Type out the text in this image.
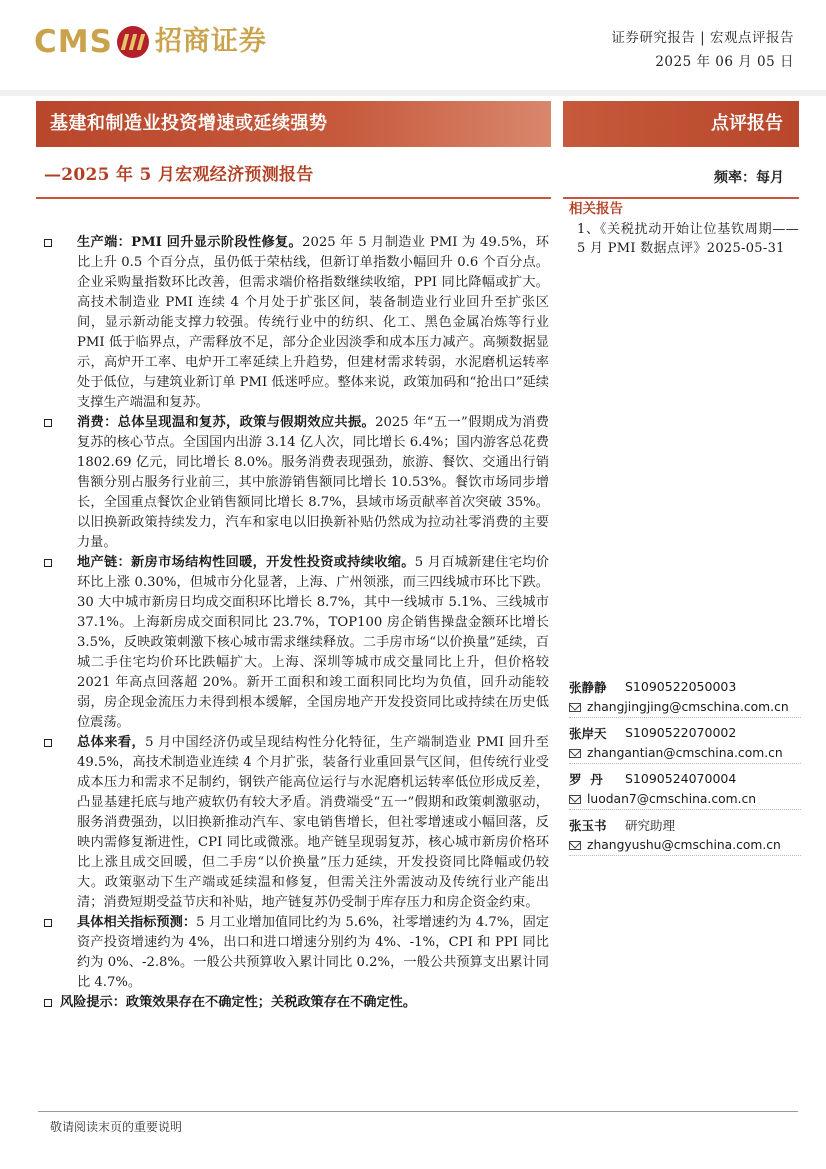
CMS 招商证券	证券研究报告 | 宏观点评报告
2025 年 06 月 05 日
基建和制造业投资增速或延续强势	点评报告
—2025 年 5 月宏观经济预测报告	频率：每月
生产端：PMI 回升显示阶段性修复。2025 年 5 月制造业 PMI 为 49.5%，环比上升 0.5 个百分点，虽仍低于荣枯线，但新订单指数小幅回升 0.6 个百分点。企业采购量指数环比改善，但需求端价格指数继续收缩，PPI 同比降幅或扩大。高技术制造业 PMI 连续 4 个月处于扩张区间，装备制造业行业回升至扩张区间，显示新动能支撑力较强。传统行业中的纺织、化工、黑色金属冶炼等行业 PMI 低于临界点，产需释放不足，部分企业因淡季和成本压力减产。高频数据显示，高炉开工率、电炉开工率延续上升趋势，但建材需求转弱，水泥磨机运转率处于低位，与建筑业新订单 PMI 低迷呼应。整体来说，政策加码和“抢出口”延续支撑生产端温和复苏。
消费：总体呈现温和复苏，政策与假期效应共振。2025 年“五一”假期成为消费复苏的核心节点。全国国内出游 3.14 亿人次，同比增长 6.4%；国内游客总花费 1802.69 亿元，同比增长 8.0%。服务消费表现强劲，旅游、餐饮、交通出行销售额分别占服务行业前三，其中旅游销售额同比增长 10.53%。餐饮市场同步增长，全国重点餐饮企业销售额同比增长 8.7%，县域市场贡献率首次突破 35%。以旧换新政策持续发力，汽车和家电以旧换新补贴仍然成为拉动社零消费的主要力量。
地产链：新房市场结构性回暖，开发性投资或持续收缩。5 月百城新建住宅均价环比上涨 0.30%，但城市分化显著，上海、广州领涨，而三四线城市环比下跌。30 大中城市新房日均成交面积环比增长 8.7%，其中一线城市 5.1%、三线城市 37.1%。上海新房成交面积同比 23.7%，TOP100 房企销售操盘金额环比增长 3.5%，反映政策刺激下核心城市需求继续释放。二手房市场“以价换量”延续，百城二手住宅均价环比跌幅扩大。上海、深圳等城市成交量同比上升，但价格较 2021 年高点回落超 20%。新开工面积和竣工面积同比均为负值，回升动能较弱，房企现金流压力未得到根本缓解，全国房地产开发投资同比或持续在历史低位震荡。
总体来看，5 月中国经济仍或呈现结构性分化特征，生产端制造业 PMI 回升至 49.5%，高技术制造业连续 4 个月扩张，装备行业重回景气区间，但传统行业受成本压力和需求不足制约，钢铁产能高位运行与水泥磨机运转率低位形成反差，凸显基建托底与地产疲软仍有较大矛盾。消费端受“五一”假期和政策刺激驱动，服务消费强劲，以旧换新推动汽车、家电销售增长，但社零增速或小幅回落，反映内需修复渐进性，CPI 同比或微涨。地产链呈现弱复苏，核心城市新房价格环比上涨且成交回暖，但二手房“以价换量”压力延续，开发投资同比降幅或仍较大。政策驱动下生产端或延续温和修复，但需关注外需波动及传统行业产能出清；消费短期受益节庆和补贴，地产链复苏仍受制于库存压力和房企资金约束。
具体相关指标预测：5 月工业增加值同比约为 5.6%，社零增速约为 4.7%，固定资产投资增速约为 4%，出口和进口增速分别约为 4%、-1%，CPI 和 PPI 同比约为 0%、-2.8%。一般公共预算收入累计同比 0.2%，一般公共预算支出累计同比 4.7%。
风险提示：政策效果存在不确定性；关税政策存在不确定性。
相关报告
1、《关税扰动开始让位基钦周期——5 月 PMI 数据点评》2025-05-31
张静静	S1090522050003
zhangjingjing@cmschina.com.cn
张岸天	S1090522070002
zhangantian@cmschina.com.cn
罗  丹	S1090524070004
luodan7@cmschina.com.cn
张玉书	研究助理
zhangyushu@cmschina.com.cn
敬请阅读末页的重要说明
